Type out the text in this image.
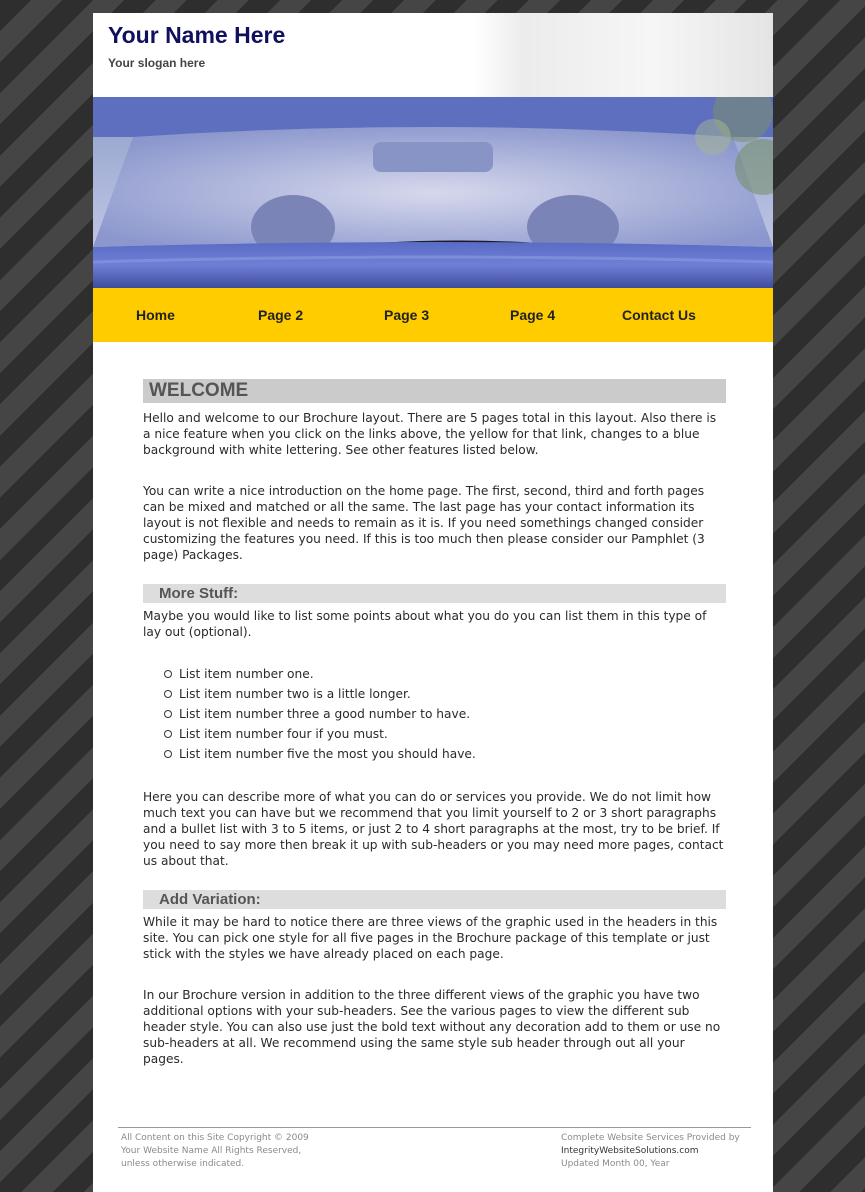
Your Name Here
Your slogan here
Home	Page 2	Page 3	Page 4	Contact Us
WELCOME

Hello and welcome to our Brochure layout. There are 5 pages total in this layout. Also there is a nice feature when you click on the links above, the yellow for that link, changes to a blue background with white lettering. See other features listed below.

You can write a nice introduction on the home page. The first, second, third and forth pages can be mixed and matched or all the same. The last page has your contact information its layout is not flexible and needs to remain as it is. If you need somethings changed consider customizing the features you need. If this is too much then please consider our Pamphlet (3 page) Packages.

More Stuff:

Maybe you would like to list some points about what you do you can list them in this type of lay out (optional).

List item number one.
List item number two is a little longer.
List item number three a good number to have.
List item number four if you must.
List item number five the most you should have.

Here you can describe more of what you can do or services you provide. We do not limit how much text you can have but we recommend that you limit yourself to 2 or 3 short paragraphs and a bullet list with 3 to 5 items, or just 2 to 4 short paragraphs at the most, try to be brief. If you need to say more then break it up with sub-headers or you may need more pages, contact us about that.

Add Variation:

While it may be hard to notice there are three views of the graphic used in the headers in this site. You can pick one style for all five pages in the Brochure package of this template or just stick with the styles we have already placed on each page.

In our Brochure version in addition to the three different views of the graphic you have two additional options with your sub-headers. See the various pages to view the different sub header style. You can also use just the bold text without any decoration add to them or use no sub-headers at all. We recommend using the same style sub header through out all your pages.

All Content on this Site Copyright © 2009
Your Website Name All Rights Reserved,
unless otherwise indicated.
Complete Website Services Provided by
IntegrityWebsiteSolutions.com
Updated Month 00, Year
